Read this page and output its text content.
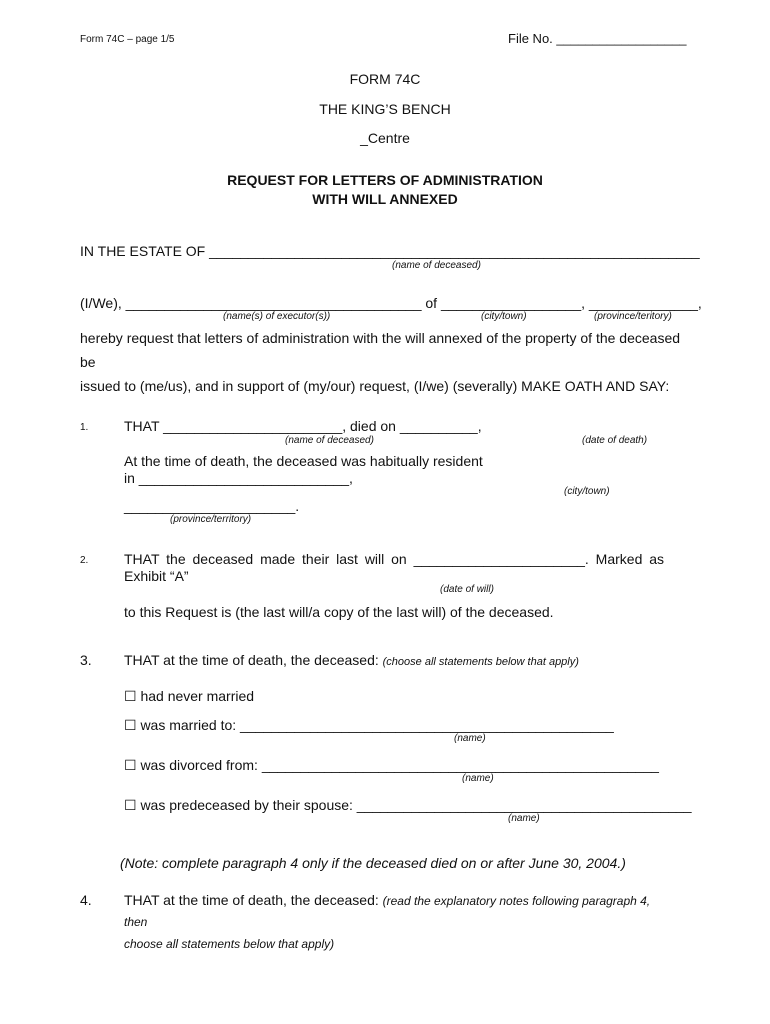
Form 74C – page 1/5	File No. __________________
FORM 74C
THE KING’S BENCH
_Centre
REQUEST FOR LETTERS OF ADMINISTRATION
WITH WILL ANNEXED
IN THE ESTATE OF _______________________________________________________________
(name of deceased)
(I/We), ______________________________________ of __________________, ______________,
(name(s) of executor(s))	(city/town)	(province/teritory)
hereby request that letters of administration with the will annexed of the property of the deceased
be
issued to (me/us), and in support of (my/our) request, (I/we) (severally) MAKE OATH AND SAY:
1.	THAT _______________________, died on __________,
(name of deceased)	(date of death)
At the time of death, the deceased was habitually resident
in ___________________________,
(city/town)
______________________.
(province/territory)
2.	THAT the deceased made their last will on ______________________. Marked as
Exhibit “A”
(date of will)
to this Request is (the last will/a copy of the last will) of the deceased.
3. THAT at the time of death, the deceased: (choose all statements below that apply)
☐ had never married
☐ was married to: ________________________________________________
(name)
☐ was divorced from: ___________________________________________________
(name)
☐ was predeceased by their spouse: ___________________________________________
(name)
(Note: complete paragraph 4 only if the deceased died on or after June 30, 2004.)
4. THAT at the time of death, the deceased: (read the explanatory notes following paragraph 4,
then
choose all statements below that apply)
